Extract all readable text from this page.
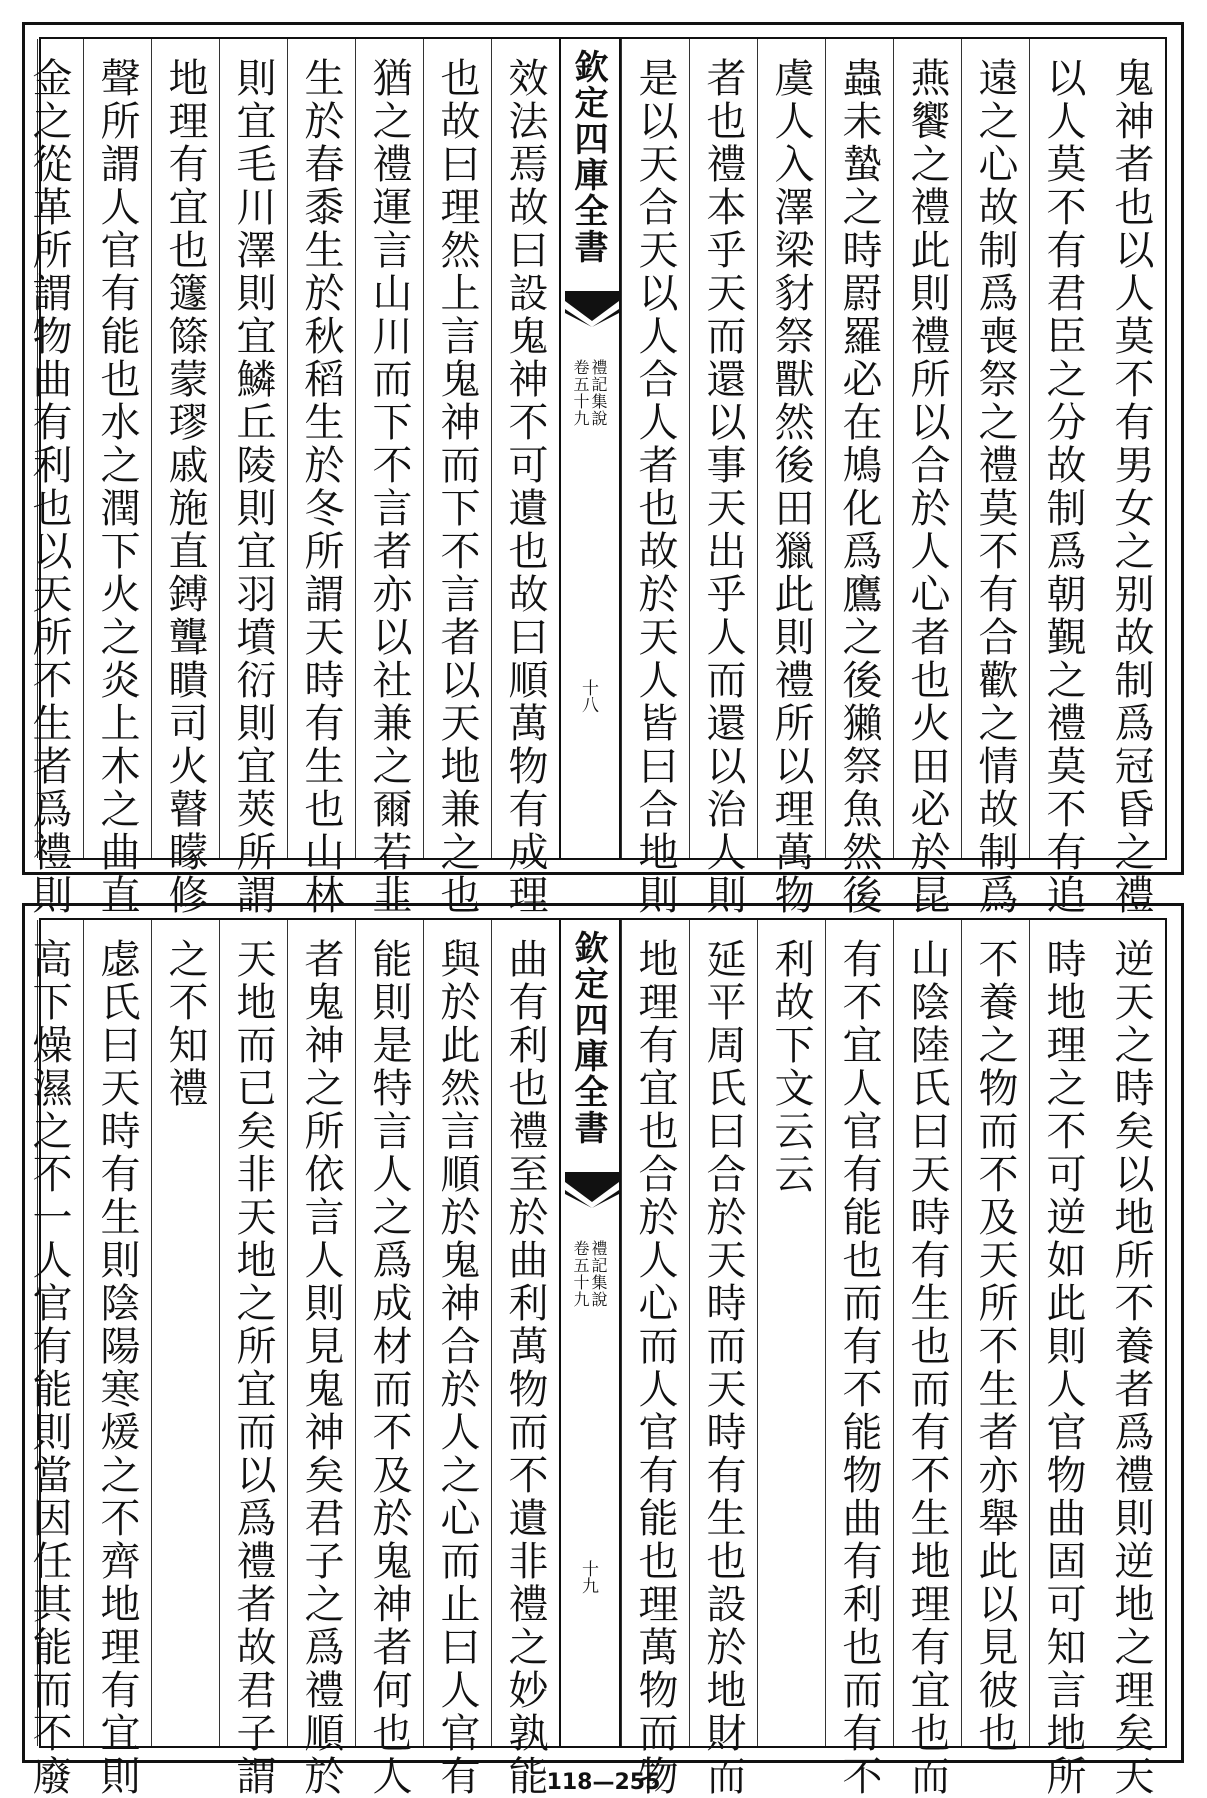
鬼神者也以人莫不有男女之别故制爲冠昏之禮
以人莫不有君臣之分故制爲朝覲之禮莫不有追
遠之心故制爲喪祭之禮莫不有合歡之情故制爲
燕饗之禮此則禮所以合於人心者也火田必於昆
蟲未蟄之時罻羅必在鳩化爲鷹之後獺祭魚然後
虞人入澤梁豺祭獸然後田獵此則禮所以理萬物
者也禮本乎天而還以事天出乎人而還以治人則
是以天合天以人合人者也故於天人皆曰合地則
欽定四庫全書
禮記集說
卷五十九
十八
效法焉故曰設鬼神不可遺也故曰順萬物有成理
也故曰理然上言鬼神而下不言者以天地兼之也
猶之禮運言山川而下不言者亦以社兼之爾若韭
生於春黍生於秋稻生於冬所謂天時有生也山林
則宜毛川澤則宜鱗丘陵則宜羽墳衍則宜莢所謂
地理有宜也籧篨蒙璆戚施直鎛聾瞶司火瞽矇修
聲所謂人官有能也水之潤下火之炎上木之曲直
金之從革所謂物曲有利也以天所不生者爲禮則
逆天之時矣以地所不養者爲禮則逆地之理矣天
時地理之不可逆如此則人官物曲固可知言地所
不養之物而不及天所不生者亦舉此以見彼也
山陰陸氏曰天時有生也而有不生地理有宜也而
有不宜人官有能也而有不能物曲有利也而有不
利故下文云云
延平周氏曰合於天時而天時有生也設於地財而
地理有宜也合於人心而人官有能也理萬物而物
欽定四庫全書
禮記集說
卷五十九
十九
曲有利也禮至於曲利萬物而不遺非禮之妙孰能
與於此然言順於鬼神合於人之心而止曰人官有
能則是特言人之爲成材而不及於鬼神者何也人
者鬼神之所依言人則見鬼神矣君子之爲禮順於
天地而已矣非天地之所宜而以爲禮者故君子謂
之不知禮
虙氏曰天時有生則陰陽寒煖之不齊地理有宜則
高下燥濕之不一人官有能則當因任其能而不廢	118—255
